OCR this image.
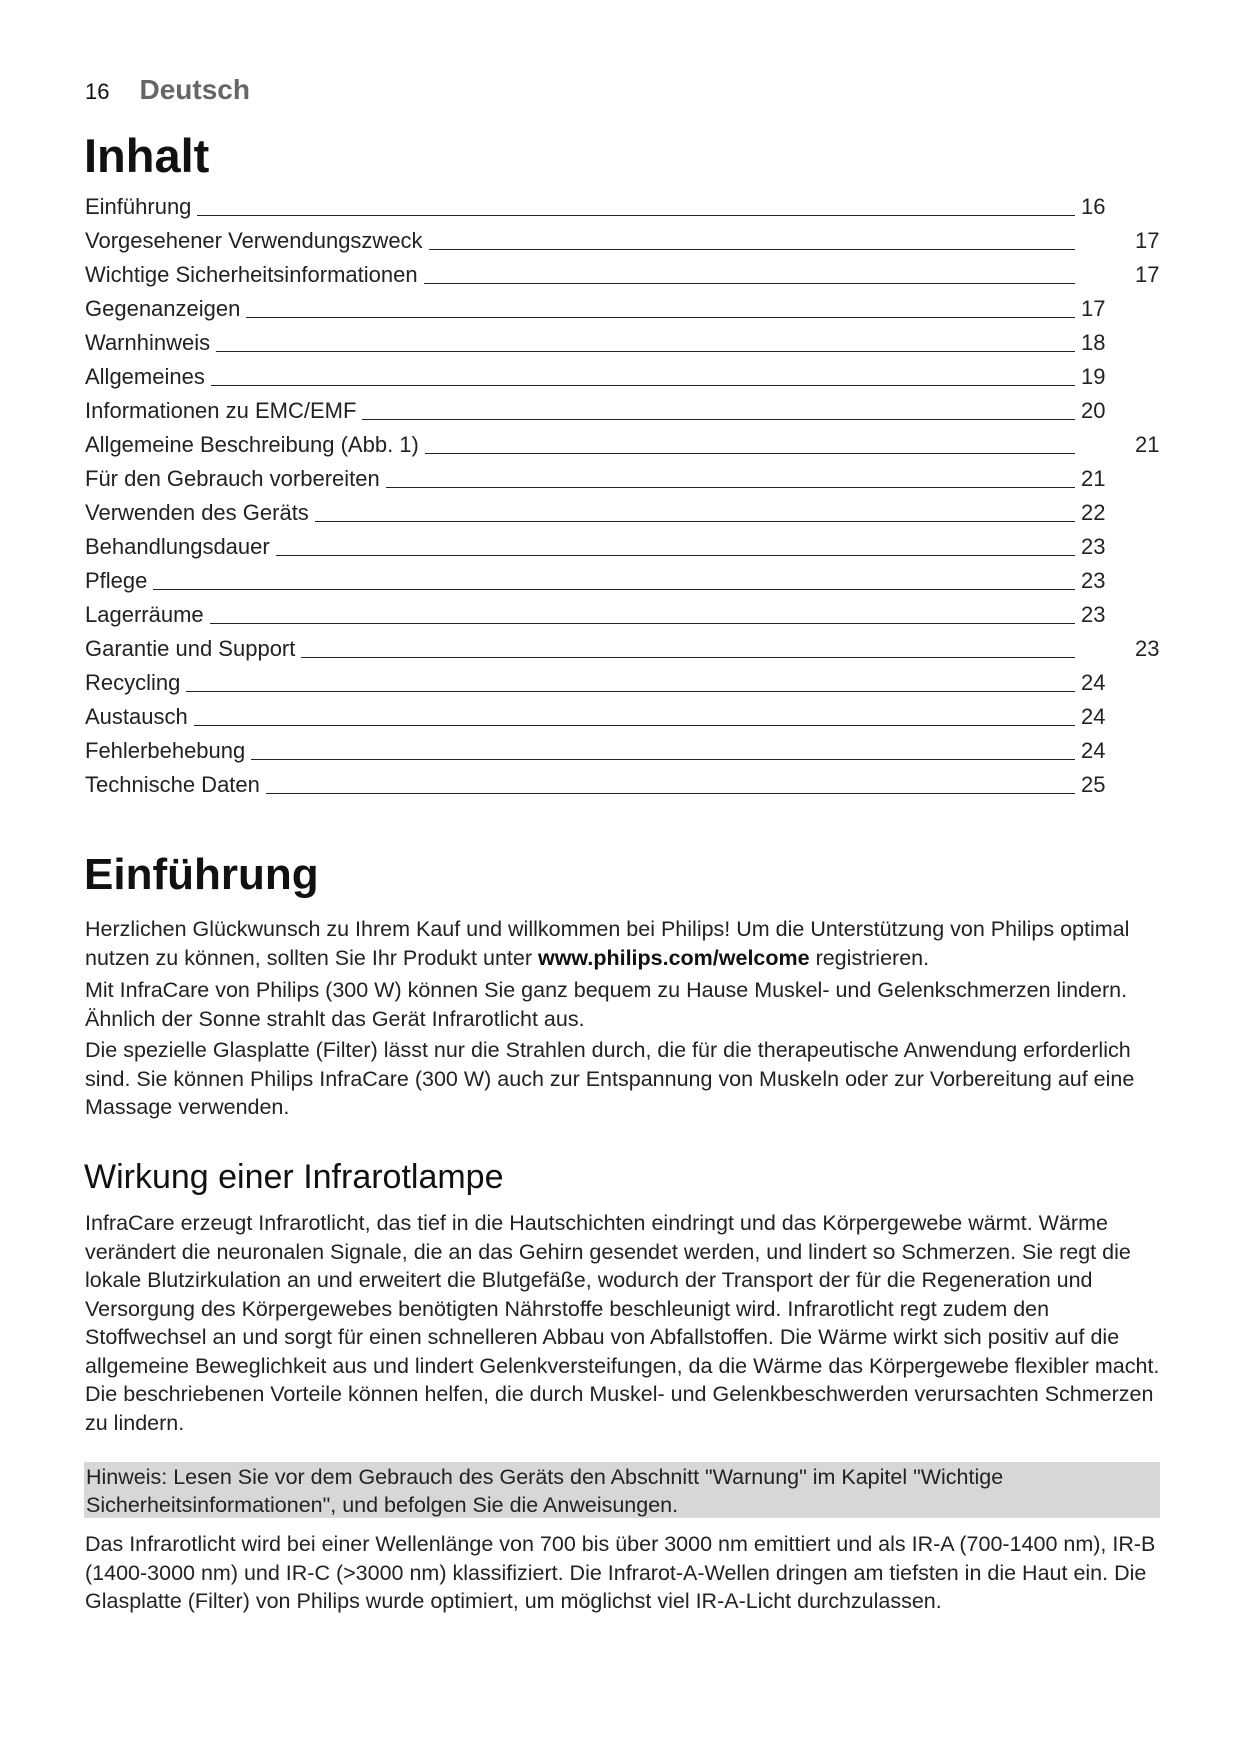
16 Deutsch
Inhalt
Einführung	16
Vorgesehener Verwendungszweck	17
Wichtige Sicherheitsinformationen	17
Gegenanzeigen	17
Warnhinweis	18
Allgemeines	19
Informationen zu EMC/EMF	20
Allgemeine Beschreibung (Abb. 1)	21
Für den Gebrauch vorbereiten	21
Verwenden des Geräts	22
Behandlungsdauer	23
Pflege	23
Lagerräume	23
Garantie und Support	23
Recycling	24
Austausch	24
Fehlerbehebung	24
Technische Daten	25
Einführung

Herzlichen Glückwunsch zu Ihrem Kauf und willkommen bei Philips! Um die Unterstützung von Philips optimal nutzen zu können, sollten Sie Ihr Produkt unter www.philips.com/welcome registrieren.

Mit InfraCare von Philips (300 W) können Sie ganz bequem zu Hause Muskel- und Gelenkschmerzen lindern. Ähnlich der Sonne strahlt das Gerät Infrarotlicht aus.

Die spezielle Glasplatte (Filter) lässt nur die Strahlen durch, die für die therapeutische Anwendung erforderlich sind. Sie können Philips InfraCare (300 W) auch zur Entspannung von Muskeln oder zur Vorbereitung auf eine Massage verwenden.

Wirkung einer Infrarotlampe

InfraCare erzeugt Infrarotlicht, das tief in die Hautschichten eindringt und das Körpergewebe wärmt. Wärme verändert die neuronalen Signale, die an das Gehirn gesendet werden, und lindert so Schmerzen. Sie regt die lokale Blutzirkulation an und erweitert die Blutgefäße, wodurch der Transport der für die Regeneration und Versorgung des Körpergewebes benötigten Nährstoffe beschleunigt wird. Infrarotlicht regt zudem den Stoffwechsel an und sorgt für einen schnelleren Abbau von Abfallstoffen. Die Wärme wirkt sich positiv auf die allgemeine Beweglichkeit aus und lindert Gelenkversteifungen, da die Wärme das Körpergewebe flexibler macht. Die beschriebenen Vorteile können helfen, die durch Muskel- und Gelenkbeschwerden verursachten Schmerzen zu lindern.

Hinweis: Lesen Sie vor dem Gebrauch des Geräts den Abschnitt "Warnung" im Kapitel "Wichtige Sicherheitsinformationen", und befolgen Sie die Anweisungen.

Das Infrarotlicht wird bei einer Wellenlänge von 700 bis über 3000 nm emittiert und als IR-A (700-1400 nm), IR-B (1400-3000 nm) und IR-C (>3000 nm) klassifiziert. Die Infrarot-A-Wellen dringen am tiefsten in die Haut ein. Die Glasplatte (Filter) von Philips wurde optimiert, um möglichst viel IR-A-Licht durchzulassen.
